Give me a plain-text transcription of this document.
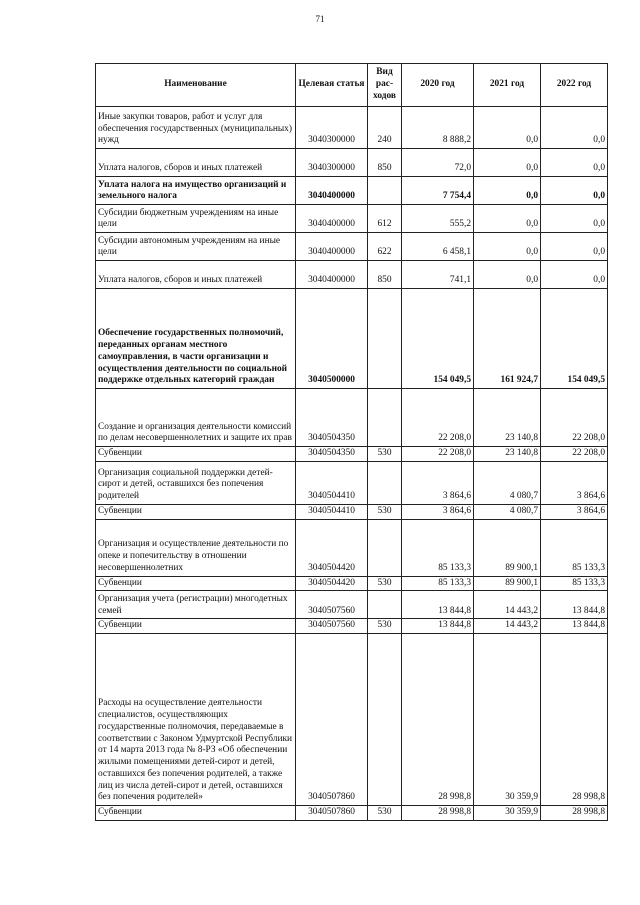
71
Наименование	Целевая статья	Вид рас- ходов	2020 год	2021 год	2022 год
Иные закупки товаров, работ и услуг для обеспечения государственных (муниципальных) нужд	3040300000	240	8 888,2	0,0	0,0
Уплата налогов, сборов и иных платежей	3040300000	850	72,0	0,0	0,0
Уплата налога на имущество организаций и земельного налога	3040400000		7 754,4	0,0	0,0
Субсидии бюджетным учреждениям на иные цели	3040400000	612	555,2	0,0	0,0
Субсидии автономным учреждениям на иные цели	3040400000	622	6 458,1	0,0	0,0
Уплата налогов, сборов и иных платежей	3040400000	850	741,1	0,0	0,0
Обеспечение государственных полномочий, переданных органам местного самоуправления, в части организации и осуществления деятельности по социальной поддержке отдельных категорий граждан	3040500000		154 049,5	161 924,7	154 049,5
Создание и организация деятельности комиссий по делам несовершеннолетних и защите их прав	3040504350		22 208,0	23 140,8	22 208,0
Субвенции	3040504350	530	22 208,0	23 140,8	22 208,0
Организация социальной поддержки детей-сирот и детей, оставшихся без попечения родителей	3040504410		3 864,6	4 080,7	3 864,6
Субвенции	3040504410	530	3 864,6	4 080,7	3 864,6
Организация и осуществление деятельности по опеке и попечительству в отношении несовершеннолетних	3040504420		85 133,3	89 900,1	85 133,3
Субвенции	3040504420	530	85 133,3	89 900,1	85 133,3
Организация учета (регистрации) многодетных семей	3040507560		13 844,8	14 443,2	13 844,8
Субвенции	3040507560	530	13 844,8	14 443,2	13 844,8
Расходы на осуществление деятельности специалистов, осуществляющих государственные полномочия, передаваемые в соответствии с Законом Удмуртской Республики от 14 марта 2013 года № 8-РЗ «Об обеспечении жилыми помещениями детей-сирот и детей, оставшихся без попечения родителей, а также лиц из числа детей-сирот и детей, оставшихся без попечения родителей»	3040507860		28 998,8	30 359,9	28 998,8
Субвенции	3040507860	530	28 998,8	30 359,9	28 998,8
